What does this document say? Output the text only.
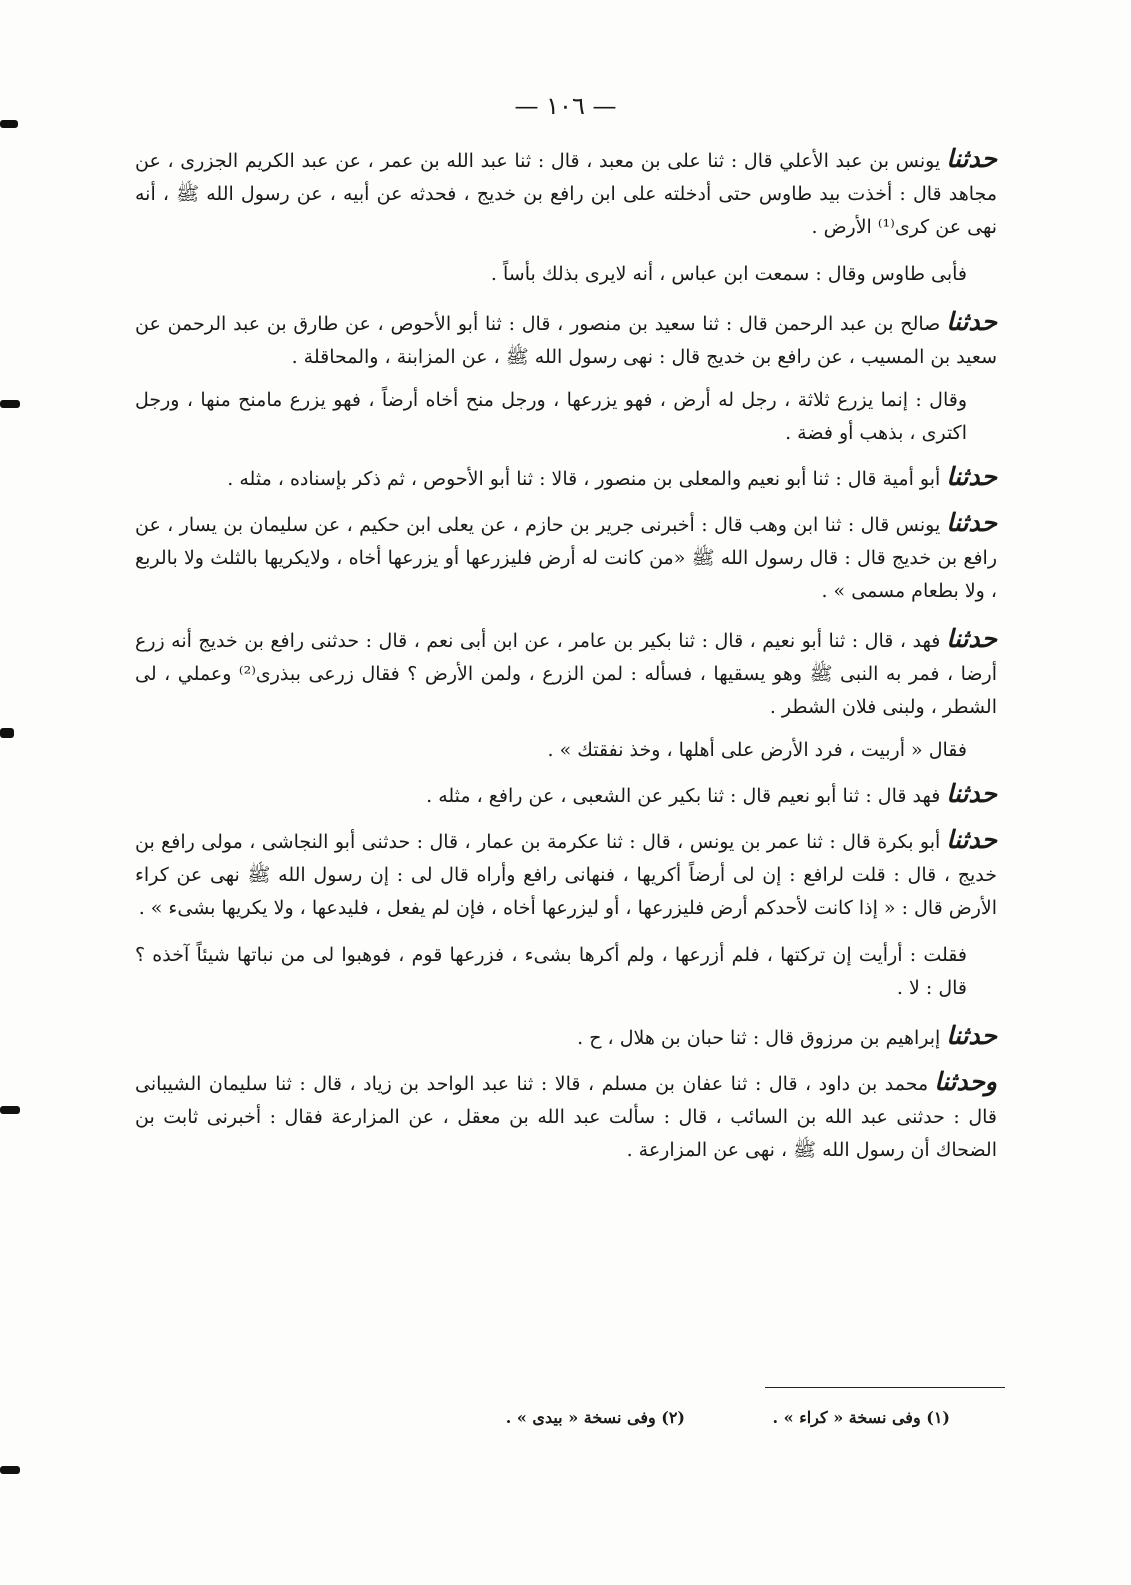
— ١٠٦ —

حدثنايونس بن عبد الأعلي قال : ثنا على بن معبد ، قال : ثنا عبد الله بن عمر ، عن عبد الكريم الجزرى ، عن مجاهد قال : أخذت بيد طاوس حتى أدخلته على ابن رافع بن خديج ، فحدثه عن أبيه ، عن رسول الله ﷺ ، أنه نهى عن كرى⁽¹⁾ الأرض .

فأبى طاوس وقال : سمعت ابن عباس ، أنه لايرى بذلك بأساً .

حدثناصالح بن عبد الرحمن قال : ثنا سعيد بن منصور ، قال : ثنا أبو الأحوص ، عن طارق بن عبد الرحمن عن سعيد بن المسيب ، عن رافع بن خديج قال : نهى رسول الله ﷺ ، عن المزابنة ، والمحاقلة .

وقال : إنما يزرع ثلاثة ، رجل له أرض ، فهو يزرعها ، ورجل منح أخاه أرضاً ، فهو يزرع مامنح منها ، ورجل اكترى ، بذهب أو فضة .

حدثناأبو أمية قال : ثنا أبو نعيم والمعلى بن منصور ، قالا : ثنا أبو الأحوص ، ثم ذكر بإسناده ، مثله .

حدثنايونس قال : ثنا ابن وهب قال : أخبرنى جرير بن حازم ، عن يعلى ابن حكيم ، عن سليمان بن يسار ، عن رافع بن خديج قال : قال رسول الله ﷺ «من كانت له أرض فليزرعها أو يزرعها أخاه ، ولايكريها بالثلث ولا بالربع ، ولا بطعام مسمى » .

حدثنافهد ، قال : ثنا أبو نعيم ، قال : ثنا بكير بن عامر ، عن ابن أبى نعم ، قال : حدثنى رافع بن خديج أنه زرع أرضا ، فمر به النبى ﷺ وهو يسقيها ، فسأله : لمن الزرع ، ولمن الأرض ؟ فقال زرعى ببذرى⁽²⁾ وعملي ، لى الشطر ، ولبنى فلان الشطر .

فقال « أربيت ، فرد الأرض على أهلها ، وخذ نفقتك » .

حدثنافهد قال : ثنا أبو نعيم قال : ثنا بكير عن الشعبى ، عن رافع ، مثله .

حدثناأبو بكرة قال : ثنا عمر بن يونس ، قال : ثنا عكرمة بن عمار ، قال : حدثنى أبو النجاشى ، مولى رافع بن خديج ، قال : قلت لرافع : إن لى أرضاً أكريها ، فنهانى رافع وأراه قال لى : إن رسول الله ﷺ نهى عن كراء الأرض قال : « إذا كانت لأحدكم أرض فليزرعها ، أو ليزرعها أخاه ، فإن لم يفعل ، فليدعها ، ولا يكريها بشىء » .

فقلت : أرأيت إن تركتها ، فلم أزرعها ، ولم أكرها بشىء ، فزرعها قوم ، فوهبوا لى من نباتها شيئاً آخذه ؟ قال : لا .

حدثناإبراهيم بن مرزوق قال : ثنا حبان بن هلال ، ح .

وحدثنامحمد بن داود ، قال : ثنا عفان بن مسلم ، قالا : ثنا عبد الواحد بن زياد ، قال : ثنا سليمان الشيبانى قال : حدثنى عبد الله بن السائب ، قال : سألت عبد الله بن معقل ، عن المزارعة فقال : أخبرنى ثابت بن الضحاك أن رسول الله ﷺ ، نهى عن المزارعة .

(١) وفى نسخة « كراء » .
(٢) وفى نسخة « بيدى » .
